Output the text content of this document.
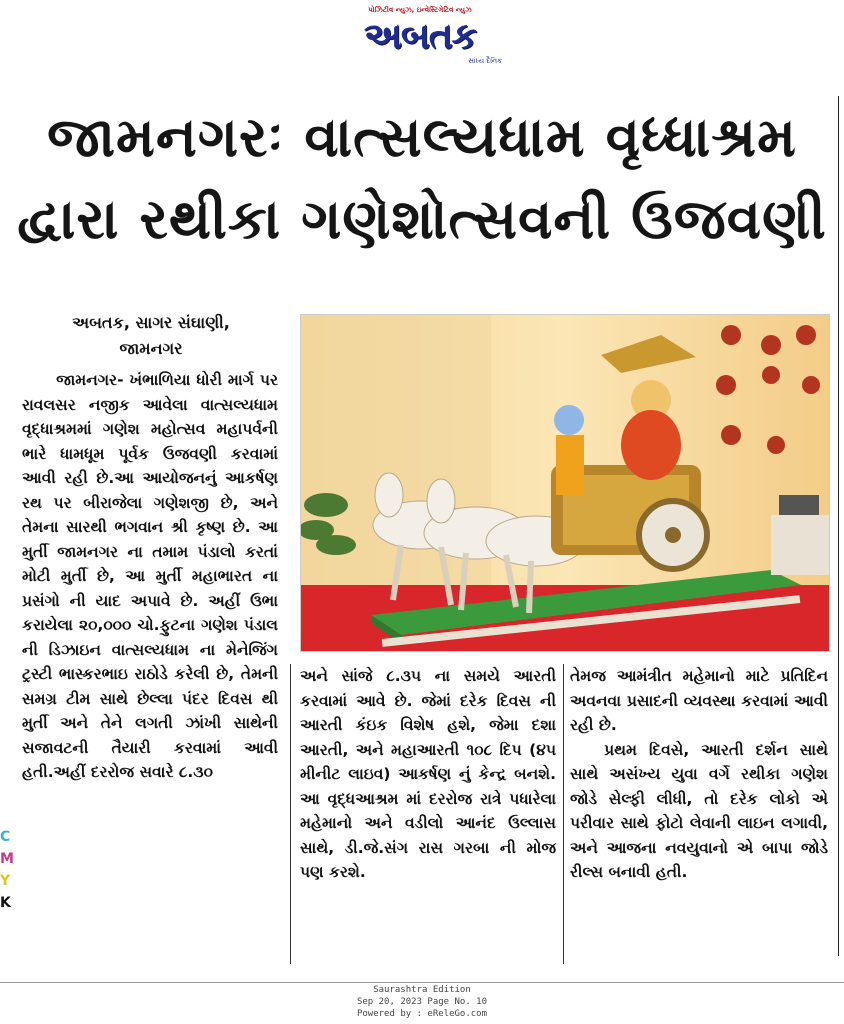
પોઝિટીવ ન્યુઝ, ઇન્વેસ્ટિગેટિવ ન્યુઝ
અબતક
સાંધ્ય દૈનિક
જામનગરઃ વાત્સલ્યધામ વૃધ્ધાશ્રમ
દ્વારા રથીકા ગણેશોત્સવની ઉજવણી
અબતક, સાગર સંઘાણી,
જામનગર

જામનગર- ખંભાળિયા ધોરી માર્ગ પર રાવલસર નજીક આવેલા વાત્સલ્યધામ વૃદ્ધાશ્રમમાં ગણેશ મહોત્સવ મહાપર્વની ભારે ધામધૂમ પૂર્વક ઉજવણી કરવામાં આવી રહી છે.આ આયોજનનું આકર્ષણ રથ પર બીરાજેલા ગણેશજી છે, અને તેમના સારથી ભગવાન શ્રી કૃષ્ણ છે. આ મુર્તી જામનગર ના તમામ પંડાલો કરતાં મોટી મુર્તી છે, આ મુર્તી મહાભારત ના પ્રસંગો ની યાદ અપાવે છે. અહીં ઉભા કરાયેલા ૨૦,૦૦૦ ચો.ફુટના ગણેશ પંડાલ ની ડિઝાઇન વાત્સલ્યધામ ના મેનેજિંગ ટ્રસ્ટી ભાસ્કરભાઇ રાઠોડે કરેલી છે, તેમની સમગ્ર ટીમ સાથે છેલ્લા પંદર દિવસ થી મુર્તી અને તેને લગતી ઝાંખી સાથેની સજાવટની તૈયારી કરવામાં આવી હતી.અહીં દરરોજ સવારે ૮.૩૦

અને સાંજે ૮.૩૫ ના સમયે આરતી કરવામાં આવે છે. જેમાં દરેક દિવસ ની આરતી કંઇક વિશેષ હશે, જેમા દશા આરતી, અને મહાઆરતી ૧૦૮ દિપ (૪૫ મીનીટ લાઇવ) આકર્ષણ નું કેન્દ્ર બનશે. આ વૃદ્ધઆશ્રમ માં દરરોજ રાત્રે પધારેલા મહેમાનો અને વડીલો આનંદ ઉલ્લાસ સાથે, ડી.જે.સંગ રાસ ગરબા ની મોજ પણ કરશે.

તેમજ આમંત્રીત મહેમાનો માટે પ્રતિદિન અવનવા પ્રસાદની વ્યવસ્થા કરવામાં આવી રહી છે.

પ્રથમ દિવસે, આરતી દર્શન સાથે સાથે અસંખ્ય યુવા વર્ગે રથીકા ગણેશ જોડે સેલ્ફી લીધી, તો દરેક લોકો એ પરીવાર સાથે ફોટો લેવાની લાઇન લગાવી, અને આજના નવયુવાનો એ બાપા જોડે રીલ્સ બનાવી હતી.

C
M
Y
K
Saurashtra Edition
Sep 20, 2023 Page No. 10
Powered by : eReleGo.com
